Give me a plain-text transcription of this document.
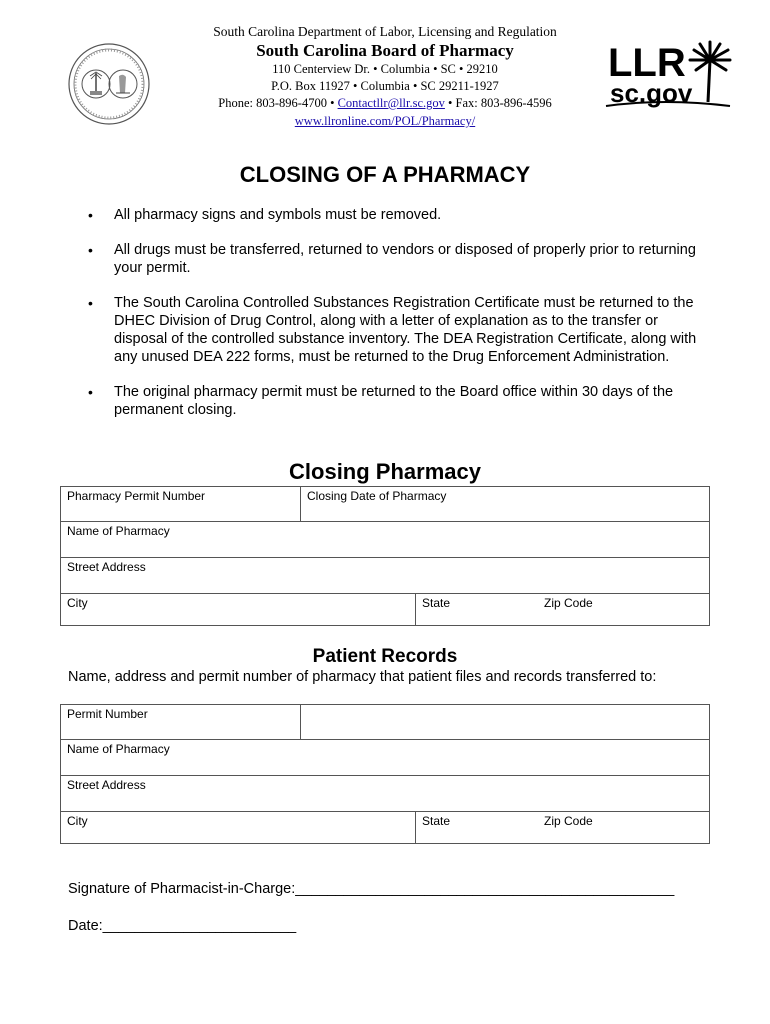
South Carolina Department of Labor, Licensing and Regulation
South Carolina Board of Pharmacy
110 Centerview Dr. • Columbia • SC • 29210
P.O. Box 11927 • Columbia • SC 29211-1927
Phone: 803-896-4700 • Contactllr@llr.sc.gov • Fax: 803-896-4596
www.llronline.com/POL/Pharmacy/
LLR
sc.gov
CLOSING OF A PHARMACY
• All pharmacy signs and symbols must be removed.
• All drugs must be transferred, returned to vendors or disposed of properly prior to returning your permit.
• The South Carolina Controlled Substances Registration Certificate must be returned to the DHEC Division of Drug Control, along with a letter of explanation as to the transfer or disposal of the controlled substance inventory. The DEA Registration Certificate, along with any unused DEA 222 forms, must be returned to the Drug Enforcement Administration.
• The original pharmacy permit must be returned to the Board office within 30 days of the permanent closing.
Closing Pharmacy
Pharmacy Permit Number	Closing Date of Pharmacy
Name of Pharmacy
Street Address

City	State	Zip Code
Patient Records
Name, address and permit number of pharmacy that patient files and records transferred to:
Permit Number	
Name of Pharmacy
Street Address

City	State	Zip Code
Signature of Pharmacist-in-Charge:_______________________________________________
Date:________________________
